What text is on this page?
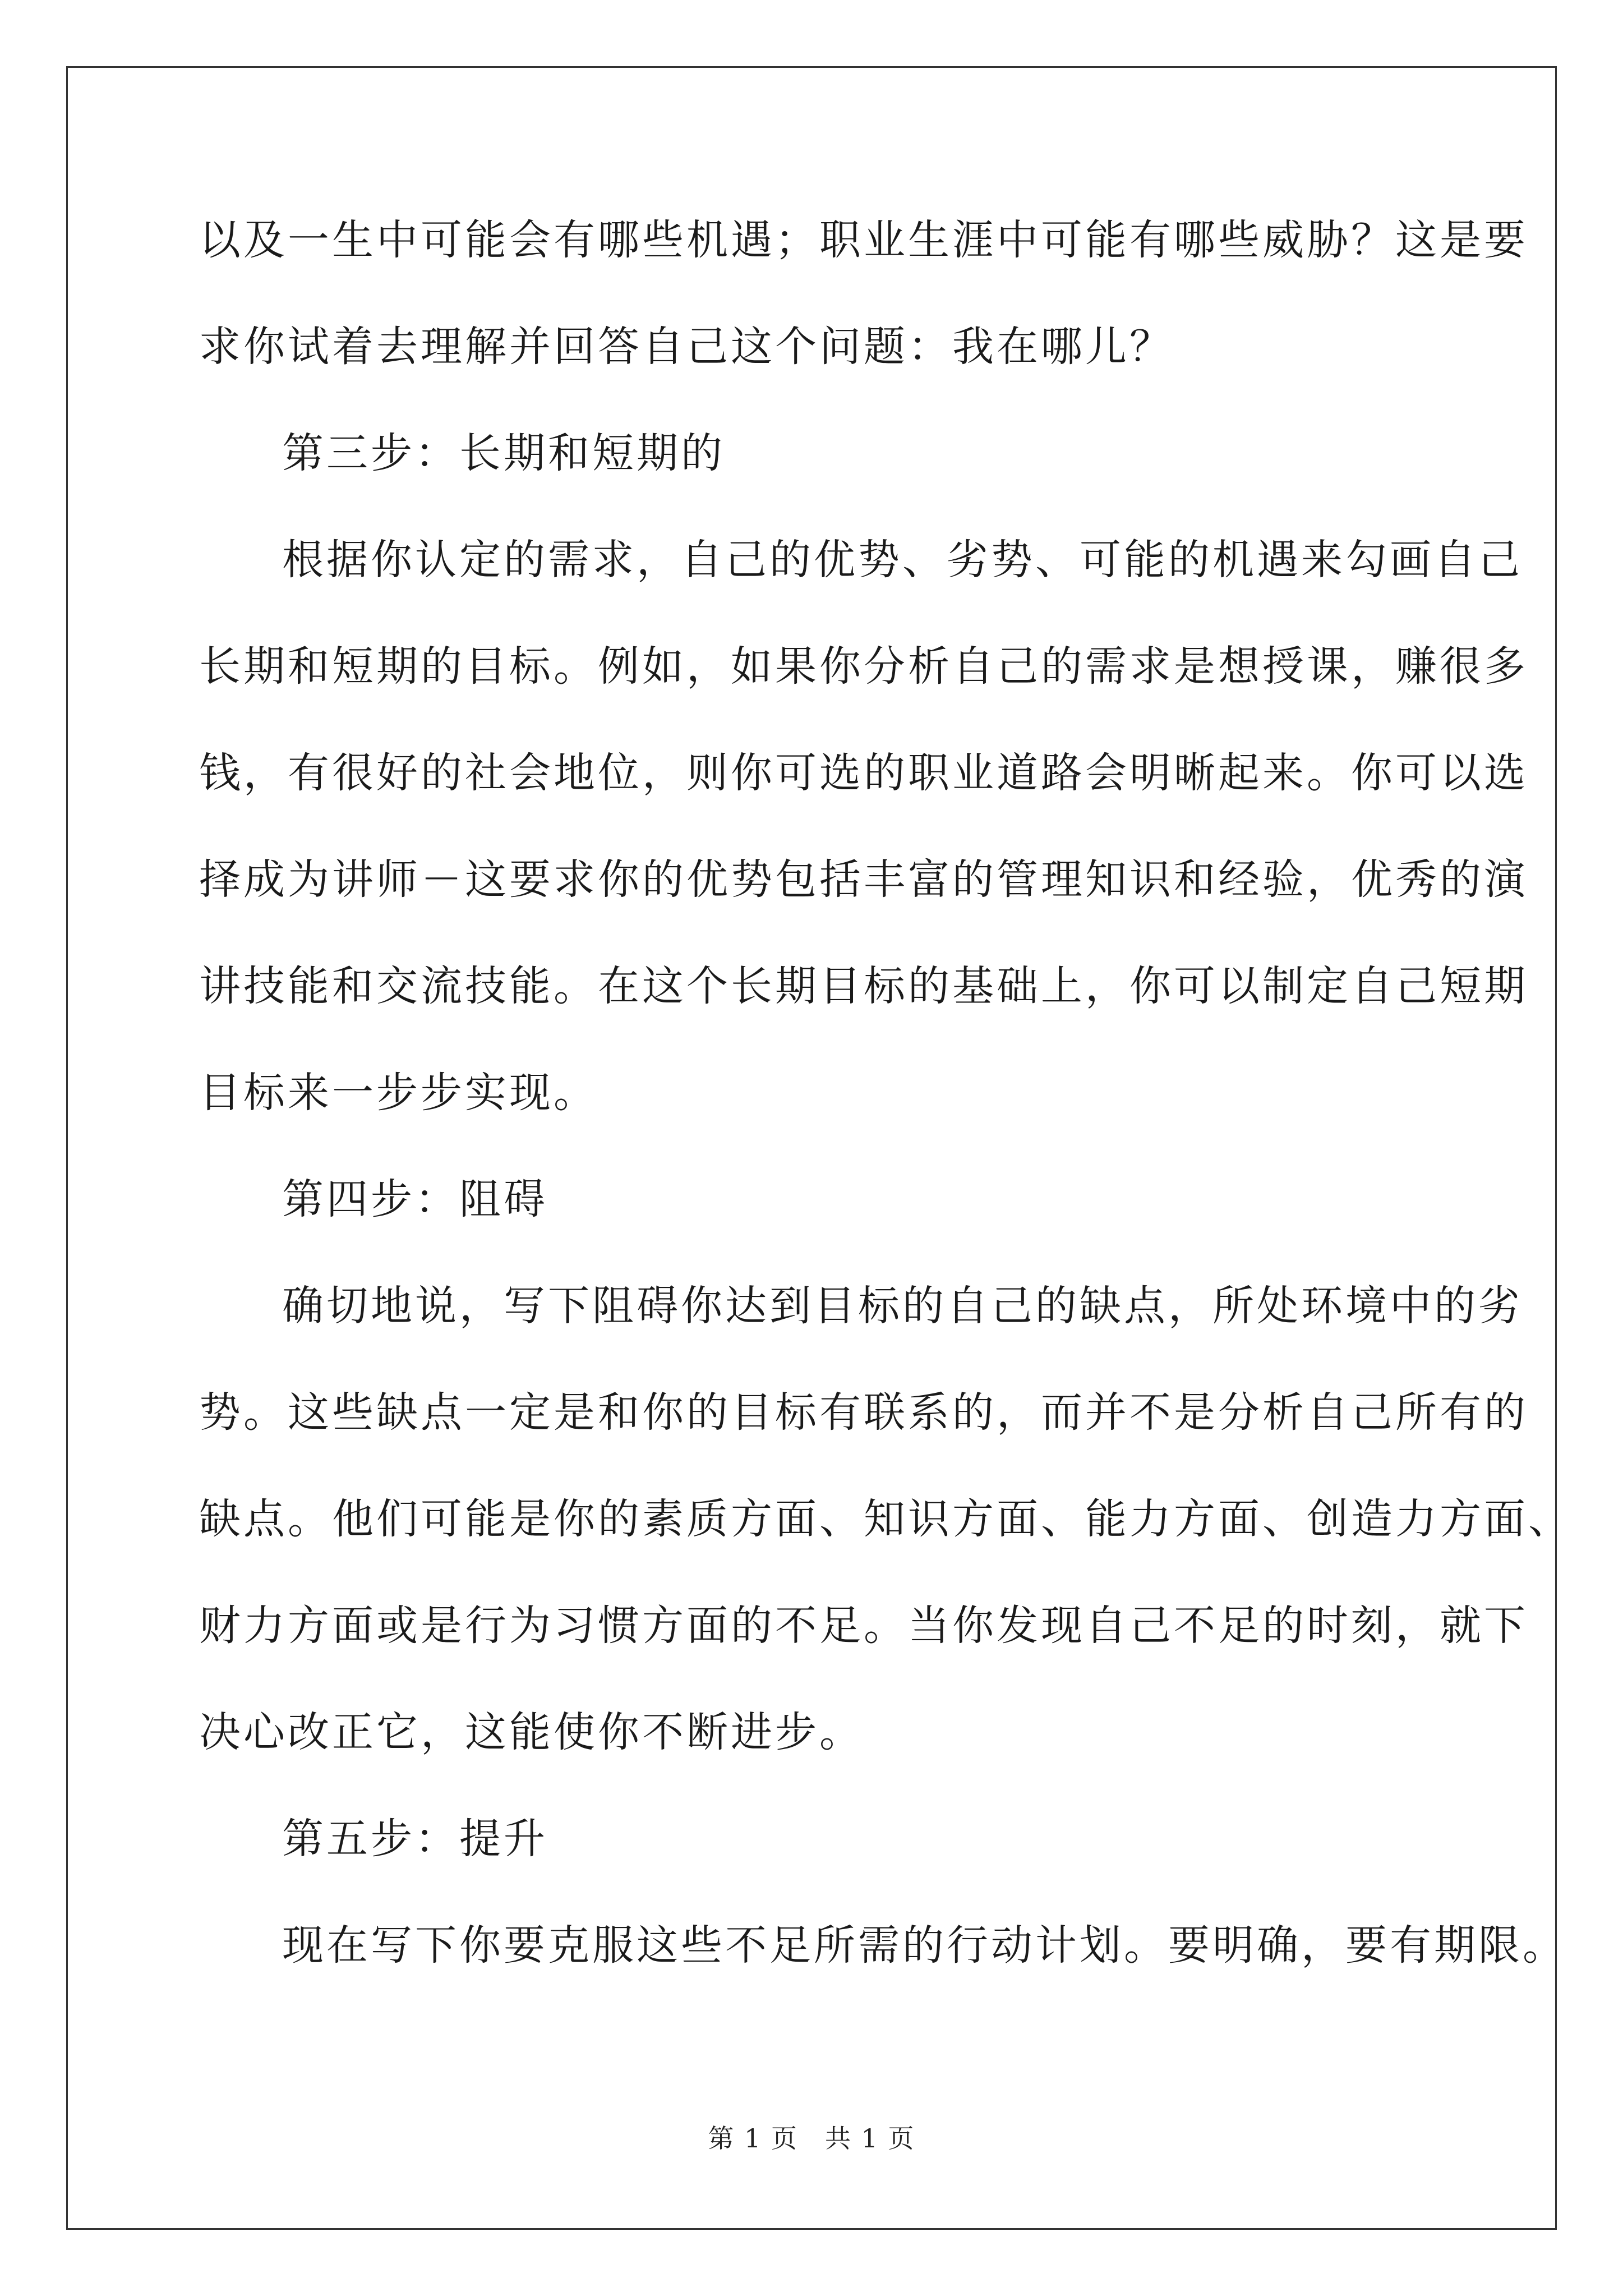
以及一生中可能会有哪些机遇；职业生涯中可能有哪些威胁？这是要
求你试着去理解并回答自己这个问题：我在哪儿？
第三步：长期和短期的
根据你认定的需求，自己的优势、劣势、可能的机遇来勾画自己
长期和短期的目标。例如，如果你分析自己的需求是想授课，赚很多
钱，有很好的社会地位，则你可选的职业道路会明晰起来。你可以选
择成为讲师－这要求你的优势包括丰富的管理知识和经验，优秀的演
讲技能和交流技能。在这个长期目标的基础上，你可以制定自己短期
目标来一步步实现。
第四步：阻碍
确切地说，写下阻碍你达到目标的自己的缺点，所处环境中的劣
势。这些缺点一定是和你的目标有联系的，而并不是分析自己所有的
缺点。他们可能是你的素质方面、知识方面、能力方面、创造力方面、
财力方面或是行为习惯方面的不足。当你发现自己不足的时刻，就下
决心改正它，这能使你不断进步。
第五步：提升
现在写下你要克服这些不足所需的行动计划。要明确，要有期限。
第 1 页 共 1 页
